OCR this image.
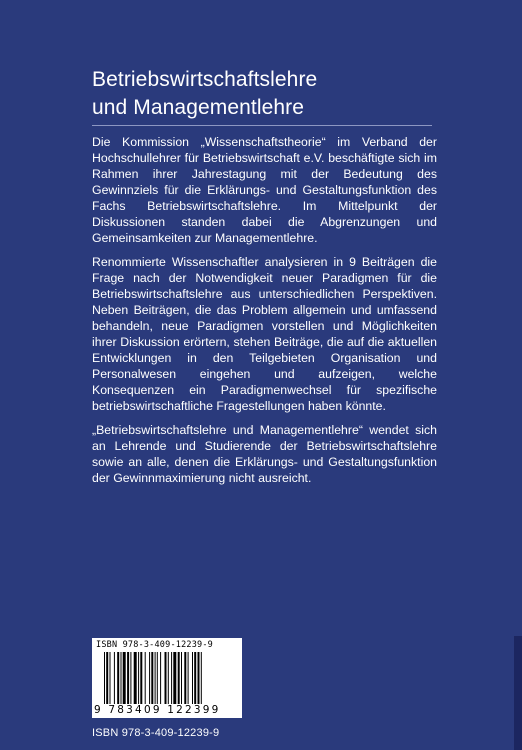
Betriebswirtschaftslehre
und Managementlehre

Die Kommission „Wissenschaftstheorie“ im Verband der Hochschullehrer für Betriebswirtschaft e.V. beschäftigte sich im Rahmen ihrer Jahrestagung mit der Bedeutung des Gewinnziels für die Erklärungs- und Gestaltungsfunktion des Fachs Betriebswirtschaftslehre. Im Mittelpunkt der Diskussionen standen dabei die Abgrenzungen und Gemeinsamkeiten zur Managementlehre.

Renommierte Wissenschaftler analysieren in 9 Beiträgen die Frage nach der Notwendigkeit neuer Paradigmen für die Betriebswirtschaftslehre aus unterschiedlichen Perspektiven. Neben Beiträgen, die das Problem allgemein und umfassend behandeln, neue Paradigmen vorstellen und Möglichkeiten ihrer Diskussion erörtern, stehen Beiträge, die auf die aktuellen Entwicklungen in den Teilgebieten Organisation und Personalwesen eingehen und aufzeigen, welche Konsequenzen ein Paradigmenwechsel für spezifische betriebswirtschaftliche Fragestellungen haben könnte.

„Betriebswirtschaftslehre und Managementlehre“ wendet sich an Lehrende und Studierende der Betriebswirtschaftslehre sowie an alle, denen die Erklärungs- und Gestaltungsfunktion der Gewinnmaximierung nicht ausreicht.

ISBN 978-3-409-12239-9
9 783409 122399
ISBN 978-3-409-12239-9
